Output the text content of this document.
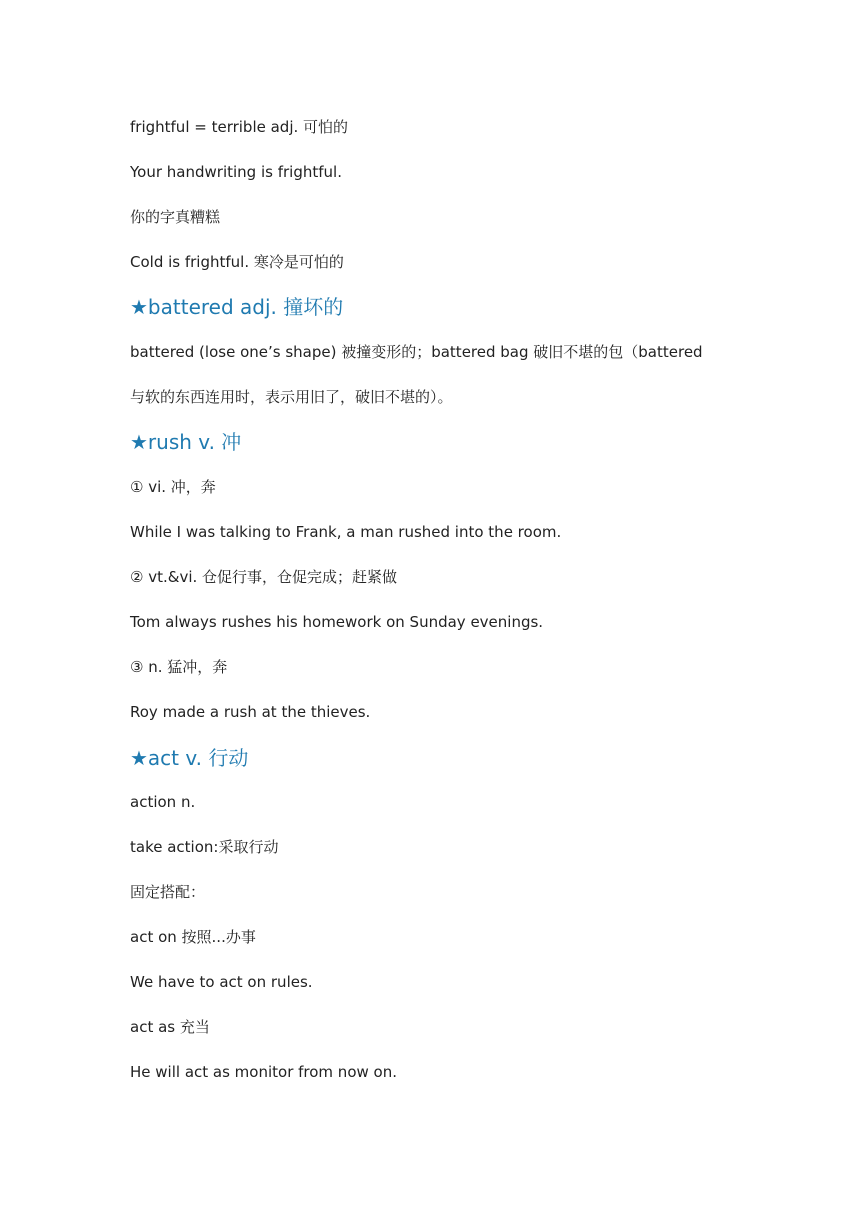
frightful = terrible adj. 可怕的
Your handwriting is frightful.
你的字真糟糕
Cold is frightful. 寒冷是可怕的
★battered adj. 撞坏的
battered (lose one’s shape) 被撞变形的；battered bag 破旧不堪的包（battered
与软的东西连用时，表示用旧了，破旧不堪的）。
★rush v. 冲
① vi. 冲，奔
While I was talking to Frank, a man rushed into the room.
② vt.&vi. 仓促行事，仓促完成；赶紧做
Tom always rushes his homework on Sunday evenings.
③ n. 猛冲，奔
Roy made a rush at the thieves.
★act v. 行动
action n.
take action:采取行动
固定搭配：
act on 按照...办事
We have to act on rules.
act as 充当
He will act as monitor from now on.
